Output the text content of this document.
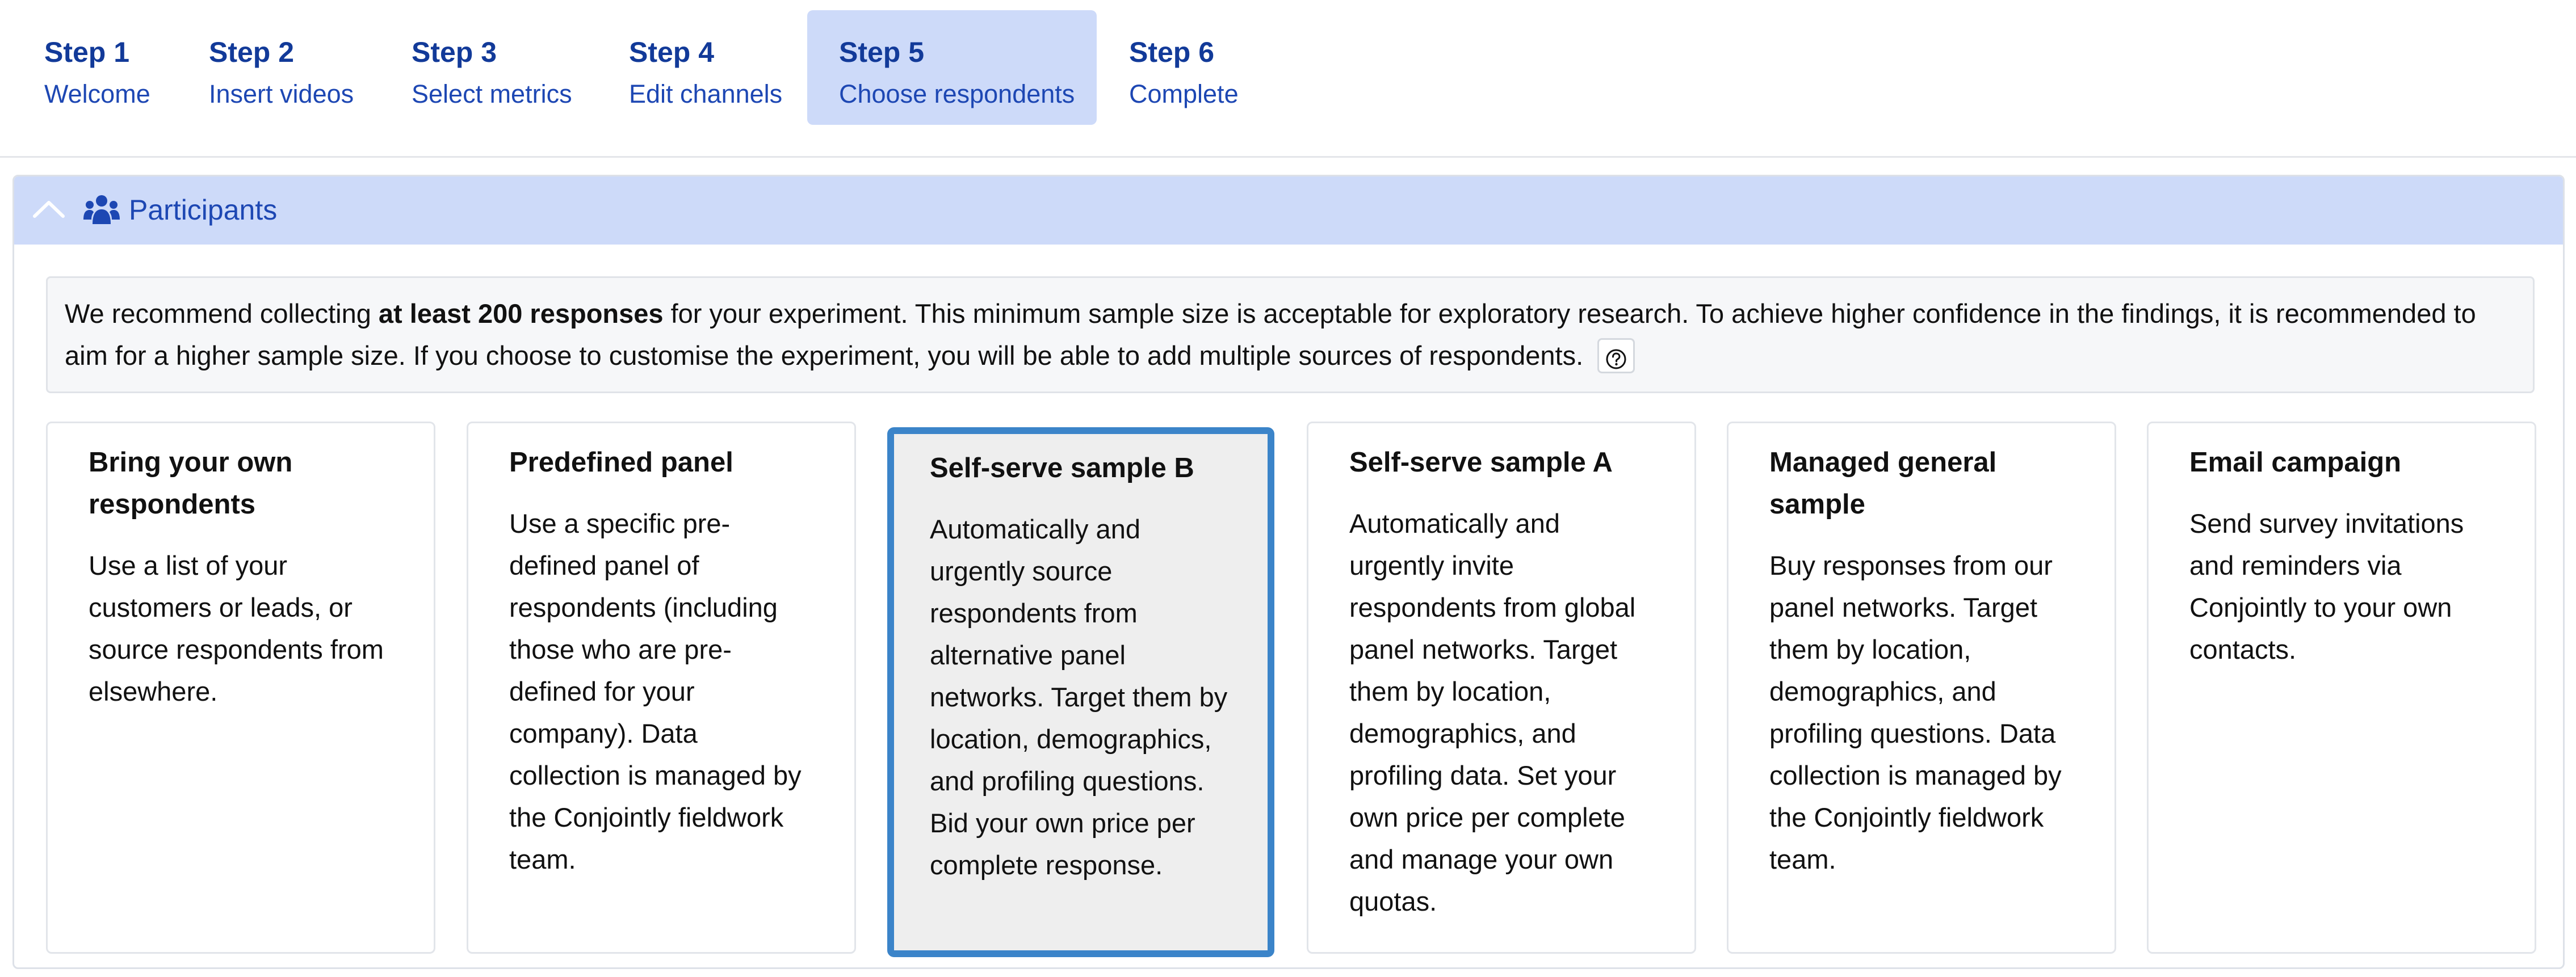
Step 1
Welcome
Step 2
Insert videos
Step 3
Select metrics
Step 4
Edit channels
Step 5
Choose respondents
Step 6
Complete
Participants
We recommend collecting at least 200 responses for your experiment. This minimum sample size is acceptable for exploratory research. To achieve higher confidence in the findings, it is recommended to aim for a higher sample size. If you choose to customise the experiment, you will be able to add multiple sources of respondents.
Bring your own respondents
Use a list of your customers or leads, or source respondents from elsewhere.
Predefined panel
Use a specific pre-defined panel of respondents (including those who are pre-defined for your company). Data collection is managed by the Conjointly fieldwork team.
Self-serve sample B
Automatically and urgently source respondents from alternative panel networks. Target them by location, demographics, and profiling questions. Bid your own price per complete response.
Self-serve sample A
Automatically and urgently invite respondents from global panel networks. Target them by location, demographics, and profiling data. Set your own price per complete and manage your own quotas.
Managed general sample
Buy responses from our panel networks. Target them by location, demographics, and profiling questions. Data collection is managed by the Conjointly fieldwork team.
Email campaign
Send survey invitations and reminders via Conjointly to your own contacts.
